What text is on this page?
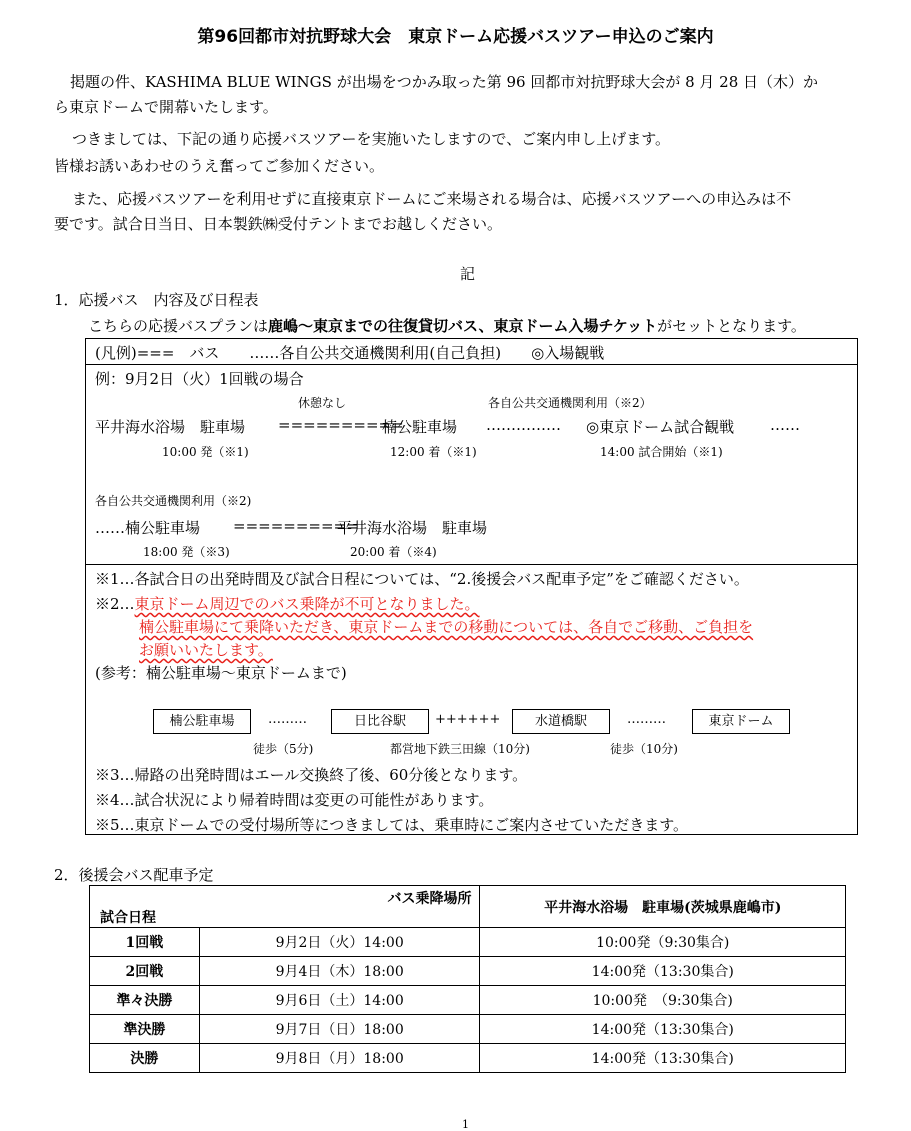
第96回都市対抗野球大会　東京ドーム応援バスツアー申込のご案内
掲題の件、KASHIMA BLUE WINGS が出場をつかみ取った第 96 回都市対抗野球大会が 8 月 28 日（木）か
ら東京ドームで開幕いたします。
つきましては、下記の通り応援バスツアーを実施いたしますので、ご案内申し上げます。
皆様お誘いあわせのうえ奮ってご参加ください。
また、応援バスツアーを利用せずに直接東京ドームにご来場される場合は、応援バスツアーへの申込みは不
要です。試合日当日、日本製鉄㈱受付テントまでお越しください。
記
1．応援バス　内容及び日程表
こちらの応援バスプランは鹿嶋～東京までの往復貸切バス、東京ドーム入場チケットがセットとなります。
(凡例)===　バス　　……各自公共交通機関利用(自己負担)　　◎入場観戦
例：9月2日（火）1回戦の場合
休憩なし	各自公共交通機関利用（※2）
平井海水浴場　駐車場 ==========
楠公駐車場 …………… ◎東京ドーム試合観戦 ……
10:00 発（※1)	12:00 着（※1)	14:00 試合開始（※1)
各自公共交通機関利用（※2)
……楠公駐車場 ==========
平井海水浴場　駐車場
18:00 発（※3)	20:00 着（※4)
※1…各試合日の出発時間及び試合日程については、“2.後援会バス配車予定”をご確認ください。
※2…東京ドーム周辺でのバス乗降が不可となりました。
楠公駐車場にて乗降いただき、東京ドームまでの移動については、各自でご移動、ご負担を
お願いいたします。
(参考：楠公駐車場～東京ドームまで)
楠公駐車場	………	日比谷駅	++++++	水道橋駅	………	東京ドーム
徒歩（5分)	都営地下鉄三田線（10分)	徒歩（10分)
※3…帰路の出発時間はエール交換終了後、60分後となります。
※4…試合状況により帰着時間は変更の可能性があります。
※5…東京ドームでの受付場所等につきましては、乗車時にご案内させていただきます。
2．後援会バス配車予定
バス乗降場所
試合日程		平井海水浴場　駐車場(茨城県鹿嶋市)
1回戦	9月2日（火）14:00	10:00発（9:30集合)
2回戦	9月4日（木）18:00	14:00発（13:30集合)
準々決勝	9月6日（土）14:00	10:00発　（9:30集合)
準決勝	9月7日（日）18:00	14:00発（13:30集合)
決勝	9月8日（月）18:00	14:00発（13:30集合)
1
